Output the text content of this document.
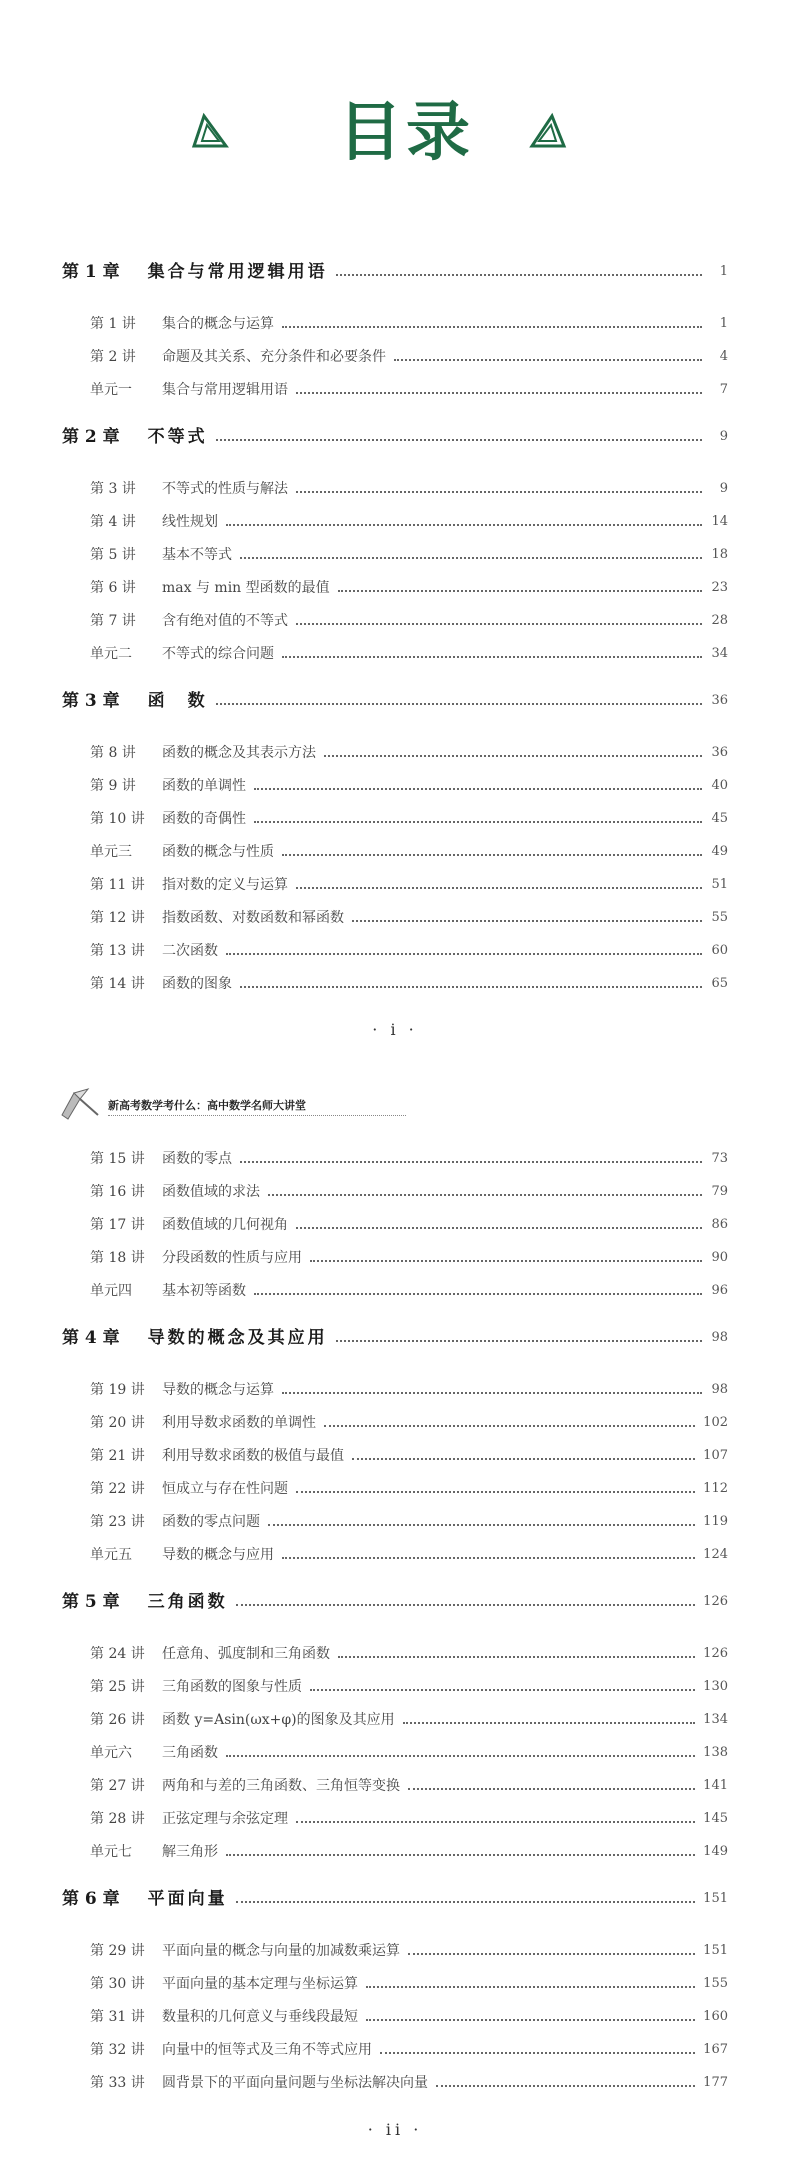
目录
第 1 章	集合与常用逻辑用语	1
第 1 讲	集合的概念与运算	1
第 2 讲	命题及其关系、充分条件和必要条件	4
单元一	集合与常用逻辑用语	7
第 2 章	不等式	9
第 3 讲	不等式的性质与解法	9
第 4 讲	线性规划	14
第 5 讲	基本不等式	18
第 6 讲	max 与 min 型函数的最值	23
第 7 讲	含有绝对值的不等式	28
单元二	不等式的综合问题	34
第 3 章	函　数	36
第 8 讲	函数的概念及其表示方法	36
第 9 讲	函数的单调性	40
第 10 讲	函数的奇偶性	45
单元三	函数的概念与性质	49
第 11 讲	指对数的定义与运算	51
第 12 讲	指数函数、对数函数和幂函数	55
第 13 讲	二次函数	60
第 14 讲	函数的图象	65
· i ·
新高考数学考什么：高中数学名师大讲堂
第 15 讲	函数的零点	73
第 16 讲	函数值域的求法	79
第 17 讲	函数值域的几何视角	86
第 18 讲	分段函数的性质与应用	90
单元四	基本初等函数	96
第 4 章	导数的概念及其应用	98
第 19 讲	导数的概念与运算	98
第 20 讲	利用导数求函数的单调性	102
第 21 讲	利用导数求函数的极值与最值	107
第 22 讲	恒成立与存在性问题	112
第 23 讲	函数的零点问题	119
单元五	导数的概念与应用	124
第 5 章	三角函数	126
第 24 讲	任意角、弧度制和三角函数	126
第 25 讲	三角函数的图象与性质	130
第 26 讲	函数 y=Asin(ωx+φ)的图象及其应用	134
单元六	三角函数	138
第 27 讲	两角和与差的三角函数、三角恒等变换	141
第 28 讲	正弦定理与余弦定理	145
单元七	解三角形	149
第 6 章	平面向量	151
第 29 讲	平面向量的概念与向量的加减数乘运算	151
第 30 讲	平面向量的基本定理与坐标运算	155
第 31 讲	数量积的几何意义与垂线段最短	160
第 32 讲	向量中的恒等式及三角不等式应用	167
第 33 讲	圆背景下的平面向量问题与坐标法解决向量	177
· ii ·
